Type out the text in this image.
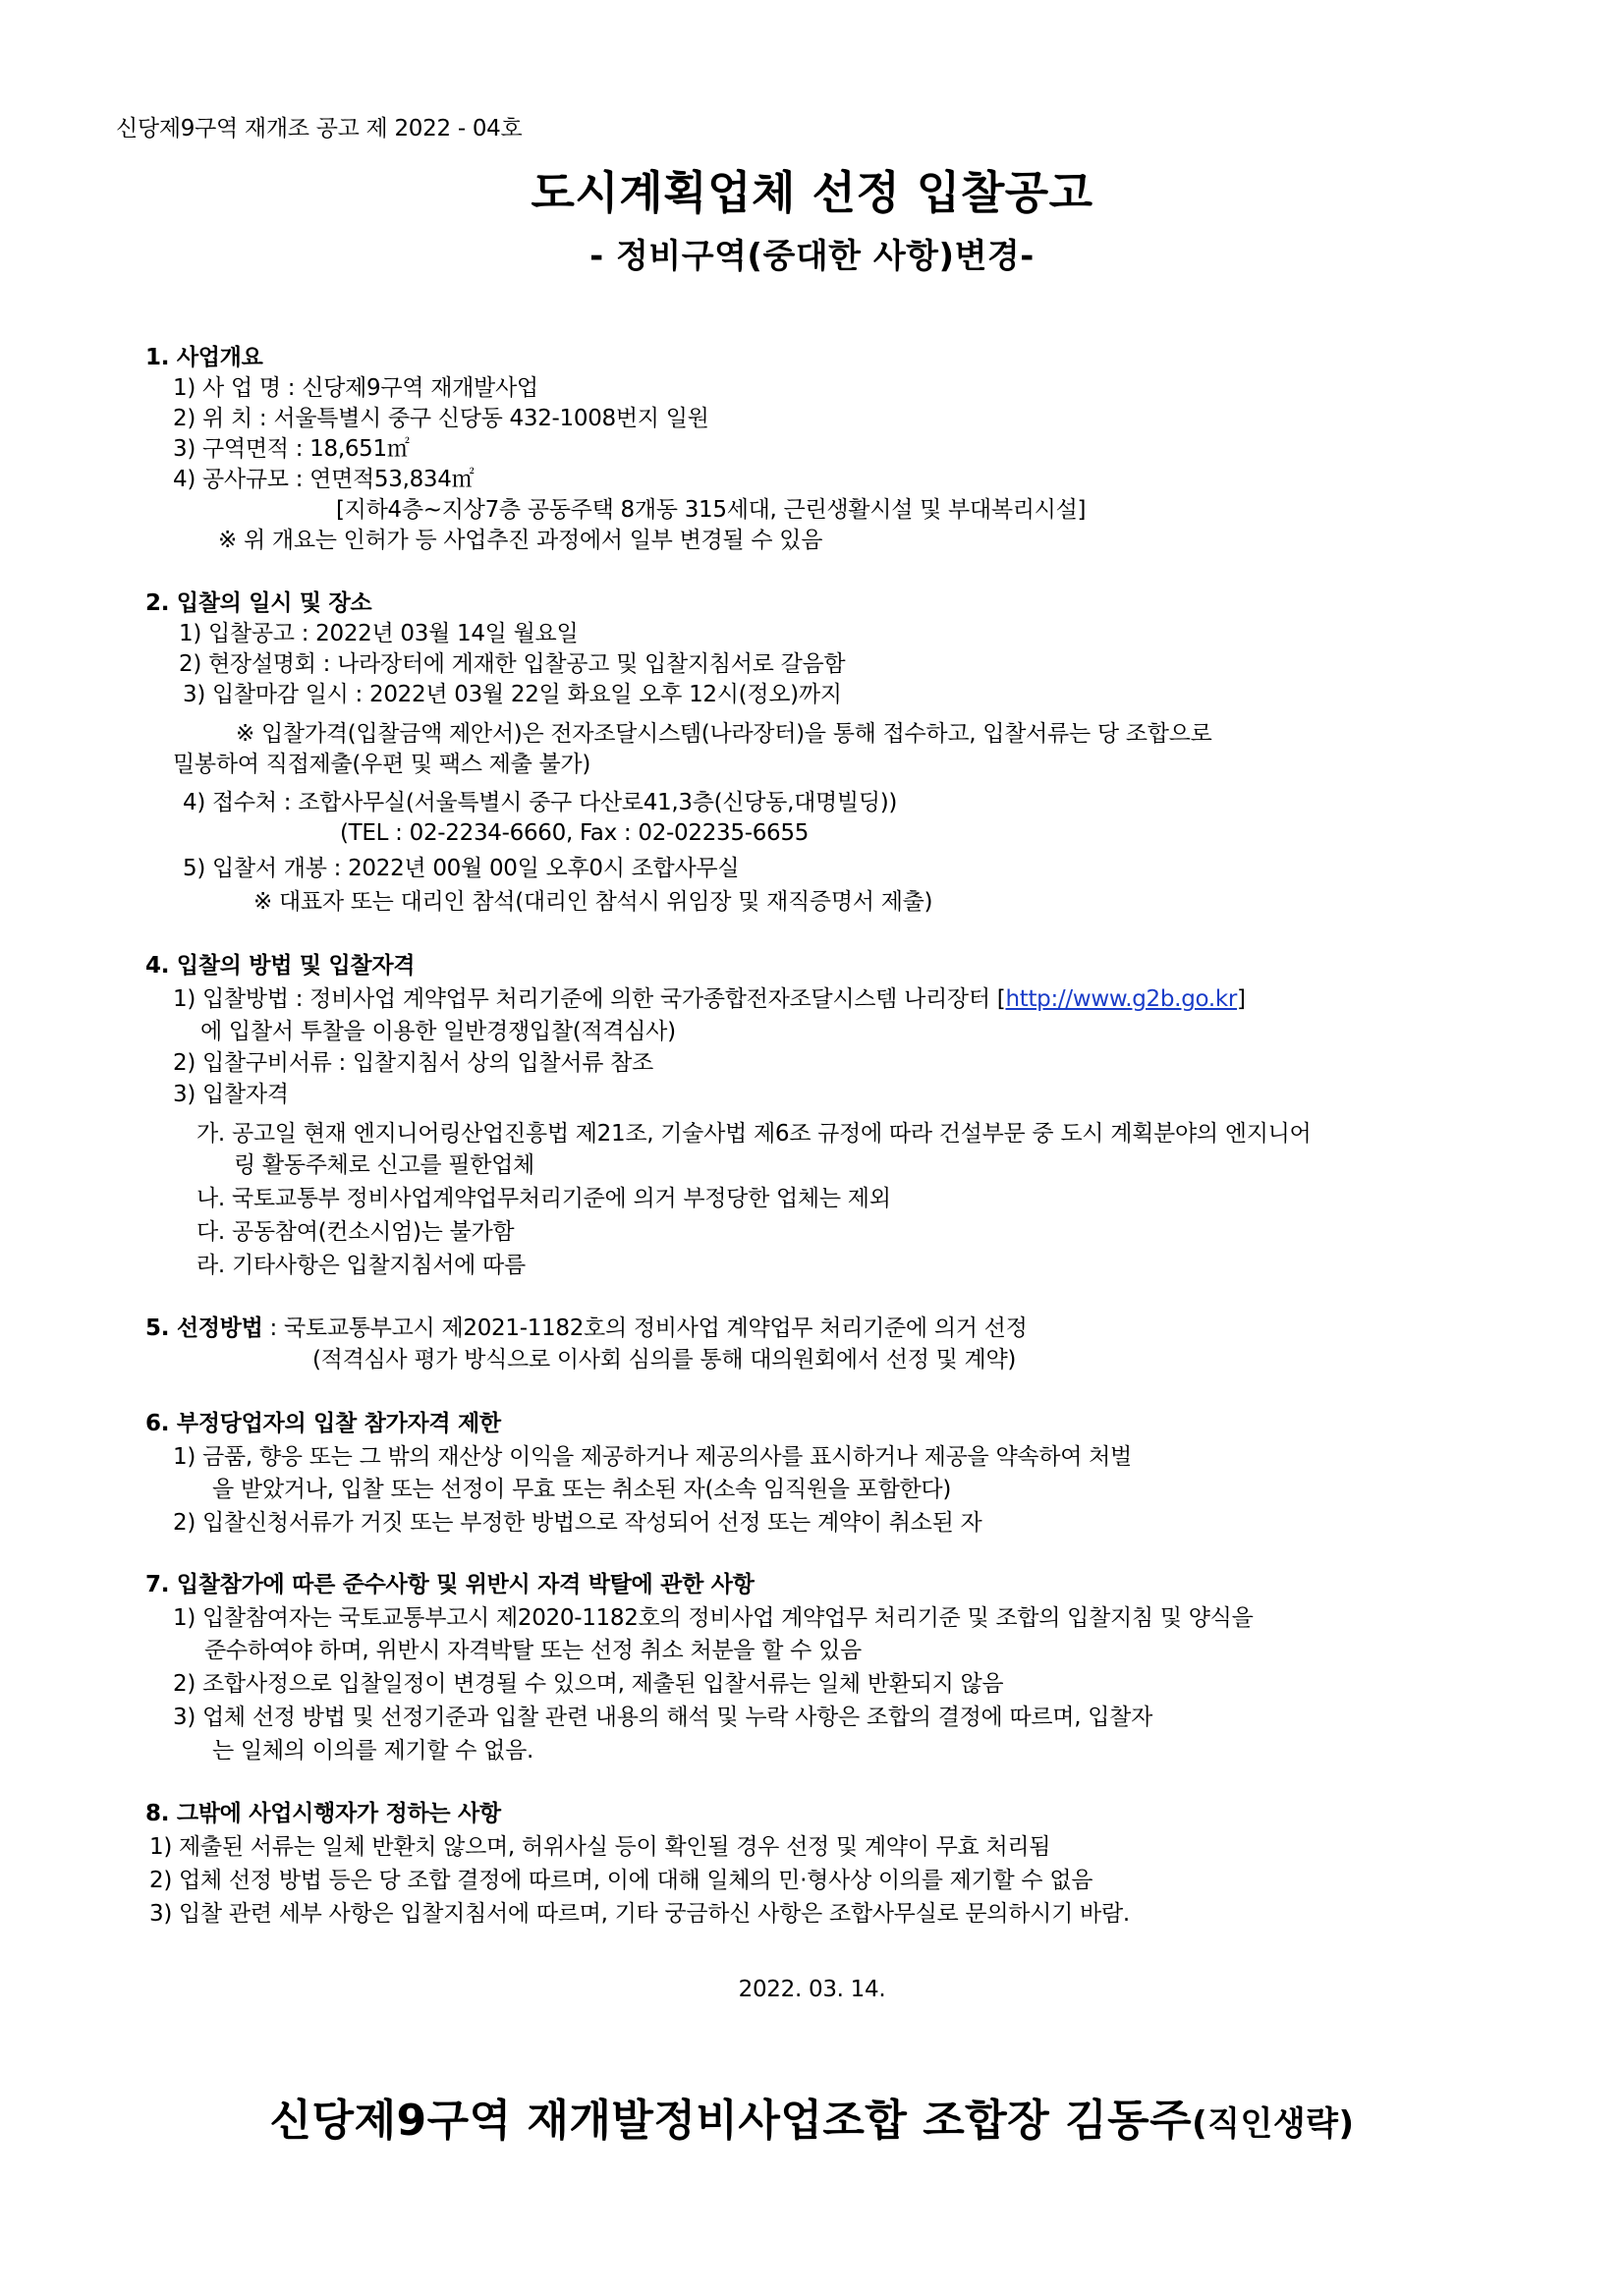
신당제9구역 재개조 공고 제 2022 - 04호
도시계획업체 선정 입찰공고
- 정비구역(중대한 사항)변경-
1. 사업개요
1) 사 업 명 : 신당제9구역 재개발사업
2) 위 치 : 서울특별시 중구 신당동 432-1008번지 일원
3) 구역면적 : 18,651㎡
4) 공사규모 : 연면적53,834㎡
[지하4층~지상7층 공동주택 8개동 315세대, 근린생활시설 및 부대복리시설]
※ 위 개요는 인허가 등 사업추진 과정에서 일부 변경될 수 있음
2. 입찰의 일시 및 장소
1) 입찰공고 : 2022년 03월 14일 월요일
2) 현장설명회 : 나라장터에 게재한 입찰공고 및 입찰지침서로 갈음함
3) 입찰마감 일시 : 2022년 03월 22일 화요일 오후 12시(정오)까지
※ 입찰가격(입찰금액 제안서)은 전자조달시스템(나라장터)을 통해 접수하고, 입찰서류는 당 조합으로
밀봉하여 직접제출(우편 및 팩스 제출 불가)
4) 접수처 : 조합사무실(서울특별시 중구 다산로41,3층(신당동,대명빌딩))
(TEL : 02-2234-6660, Fax : 02-02235-6655
5) 입찰서 개봉 : 2022년 00월 00일 오후0시 조합사무실
※ 대표자 또는 대리인 참석(대리인 참석시 위임장 및 재직증명서 제출)
4. 입찰의 방법 및 입찰자격
1) 입찰방법 : 정비사업 계약업무 처리기준에 의한 국가종합전자조달시스템 나리장터 [http://www.g2b.go.kr]
에 입찰서 투찰을 이용한 일반경쟁입찰(적격심사)
2) 입찰구비서류 : 입찰지침서 상의 입찰서류 참조
3) 입찰자격
가. 공고일 현재 엔지니어링산업진흥법 제21조, 기술사법 제6조 규정에 따라 건설부문 중 도시 계획분야의 엔지니어
링 활동주체로 신고를 필한업체
나. 국토교통부 정비사업계약업무처리기준에 의거 부정당한 업체는 제외
다. 공동참여(컨소시엄)는 불가함
라. 기타사항은 입찰지침서에 따름
5. 선정방법 : 국토교통부고시 제2021-1182호의 정비사업 계약업무 처리기준에 의거 선정
(적격심사 평가 방식으로 이사회 심의를 통해 대의원회에서 선정 및 계약)
6. 부정당업자의 입찰 참가자격 제한
1) 금품, 향응 또는 그 밖의 재산상 이익을 제공하거나 제공의사를 표시하거나 제공을 약속하여 처벌
을 받았거나, 입찰 또는 선정이 무효 또는 취소된 자(소속 임직원을 포함한다)
2) 입찰신청서류가 거짓 또는 부정한 방법으로 작성되어 선정 또는 계약이 취소된 자
7. 입찰참가에 따른 준수사항 및 위반시 자격 박탈에 관한 사항
1) 입찰참여자는 국토교통부고시 제2020-1182호의 정비사업 계약업무 처리기준 및 조합의 입찰지침 및 양식을
준수하여야 하며, 위반시 자격박탈 또는 선정 취소 처분을 할 수 있음
2) 조합사정으로 입찰일정이 변경될 수 있으며, 제출된 입찰서류는 일체 반환되지 않음
3) 업체 선정 방법 및 선정기준과 입찰 관련 내용의 해석 및 누락 사항은 조합의 결정에 따르며, 입찰자
는 일체의 이의를 제기할 수 없음.
8. 그밖에 사업시행자가 정하는 사항
1) 제출된 서류는 일체 반환치 않으며, 허위사실 등이 확인될 경우 선정 및 계약이 무효 처리됨
2) 업체 선정 방법 등은 당 조합 결정에 따르며, 이에 대해 일체의 민·형사상 이의를 제기할 수 없음
3) 입찰 관련 세부 사항은 입찰지침서에 따르며, 기타 궁금하신 사항은 조합사무실로 문의하시기 바람.
2022. 03. 14.
신당제9구역 재개발정비사업조합 조합장 김동주(직인생략)
